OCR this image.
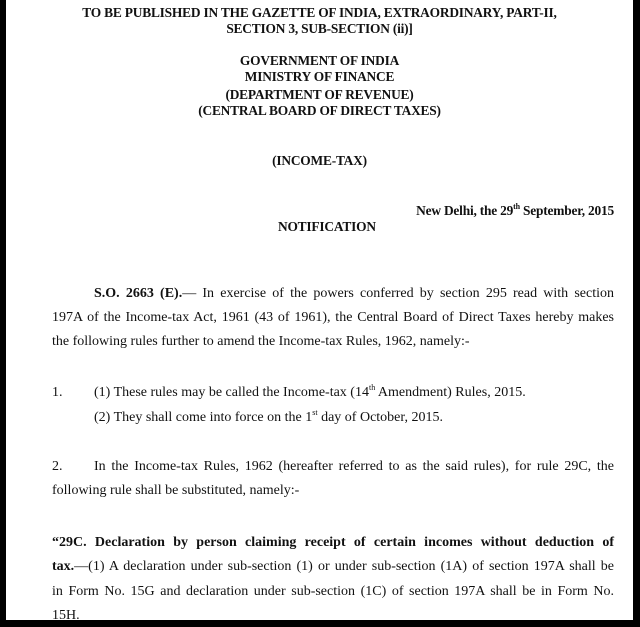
TO BE PUBLISHED IN THE GAZETTE OF INDIA, EXTRAORDINARY, PART-II,
SECTION 3, SUB-SECTION (ii)]
GOVERNMENT OF INDIA
MINISTRY OF FINANCE
(DEPARTMENT OF REVENUE)
(CENTRAL BOARD OF DIRECT TAXES)
(INCOME-TAX)
New Delhi, the 29th September, 2015
NOTIFICATION
S.O. 2663 (E).— In exercise of the powers conferred by section 295 read with section
197A of the Income-tax Act, 1961 (43 of 1961), the Central Board of Direct Taxes hereby makes
the following rules further to amend the Income-tax Rules, 1962, namely:-
1. (1) These rules may be called the Income-tax (14th Amendment) Rules, 2015.
(2) They shall come into force on the 1st day of October, 2015.
2. In the Income-tax Rules, 1962 (hereafter referred to as the said rules), for rule 29C, the
following rule shall be substituted, namely:-
“29C. Declaration by person claiming receipt of certain incomes without deduction of
tax.—(1) A declaration under sub-section (1) or under sub-section (1A) of section 197A shall be
in Form No. 15G and declaration under sub-section (1C) of section 197A shall be in Form No.
15H.
